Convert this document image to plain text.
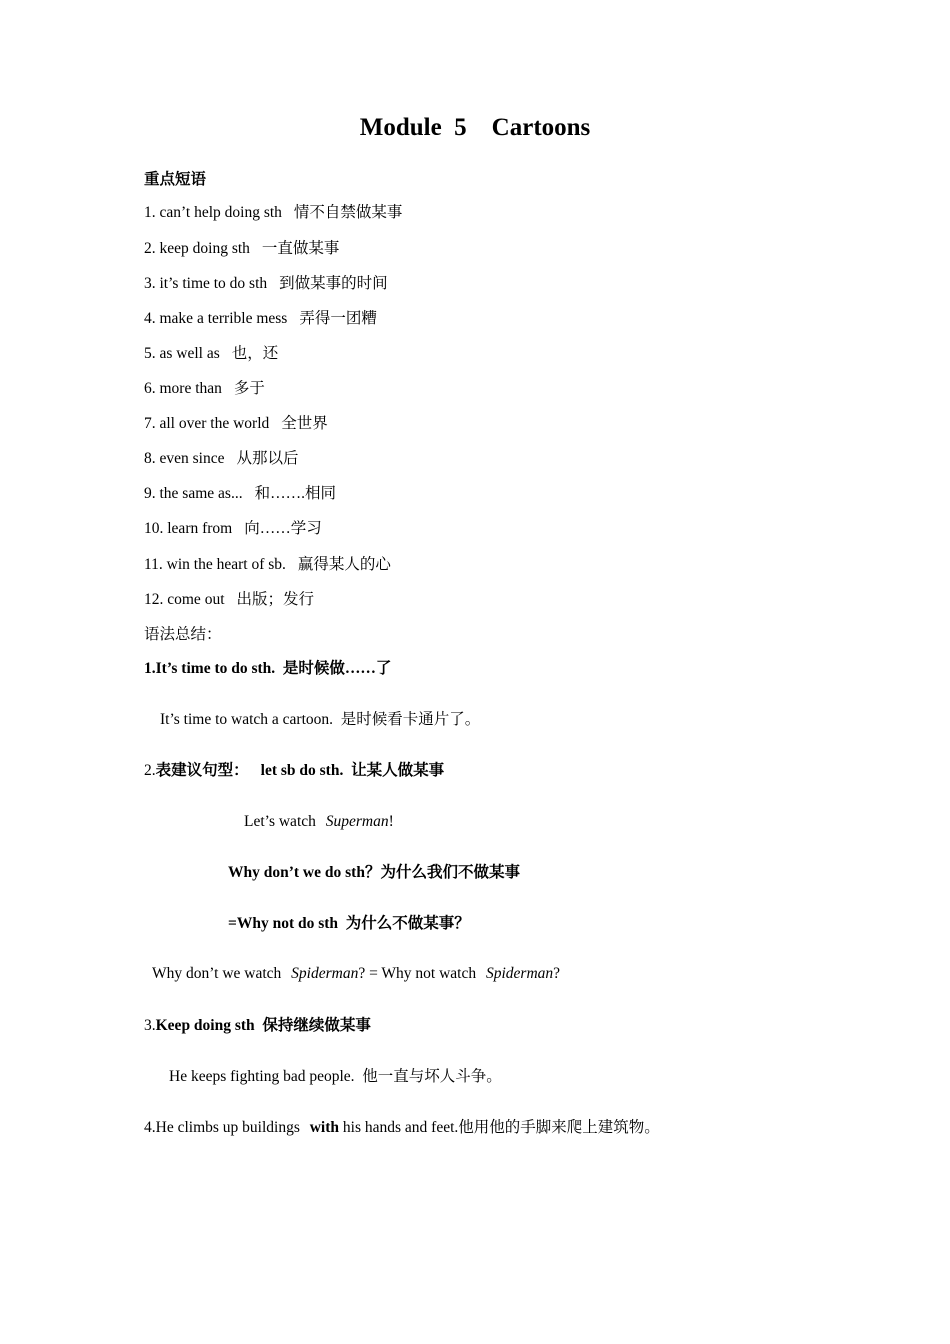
Module  5    Cartoons
重点短语
1. can’t help doing sth 情不自禁做某事
2. keep doing sth 一直做某事
3. it’s time to do sth 到做某事的时间
4. make a terrible mess 弄得一团糟
5. as well as 也，还
6. more than 多于
7. all over the world 全世界
8. even since 从那以后
9. the same as... 和…….相同
10. learn from 向……学习
11. win the heart of sb. 赢得某人的心
12. come out 出版；发行
语法总结：
1.It’s time to do sth.  是时候做……了
It’s time to watch a cartoon.  是时候看卡通片了。
2.表建议句型： let sb do sth.  让某人做某事
Let’s watch Superman!
Why don’t we do sth？为什么我们不做某事
=Why not do sth  为什么不做某事？
Why don’t we watch Spiderman? = Why not watch Spiderman?
3.Keep doing sth  保持继续做某事
He keeps fighting bad people.  他一直与坏人斗争。
4.He climbs up buildings with his hands and feet.他用他的手脚来爬上建筑物。
